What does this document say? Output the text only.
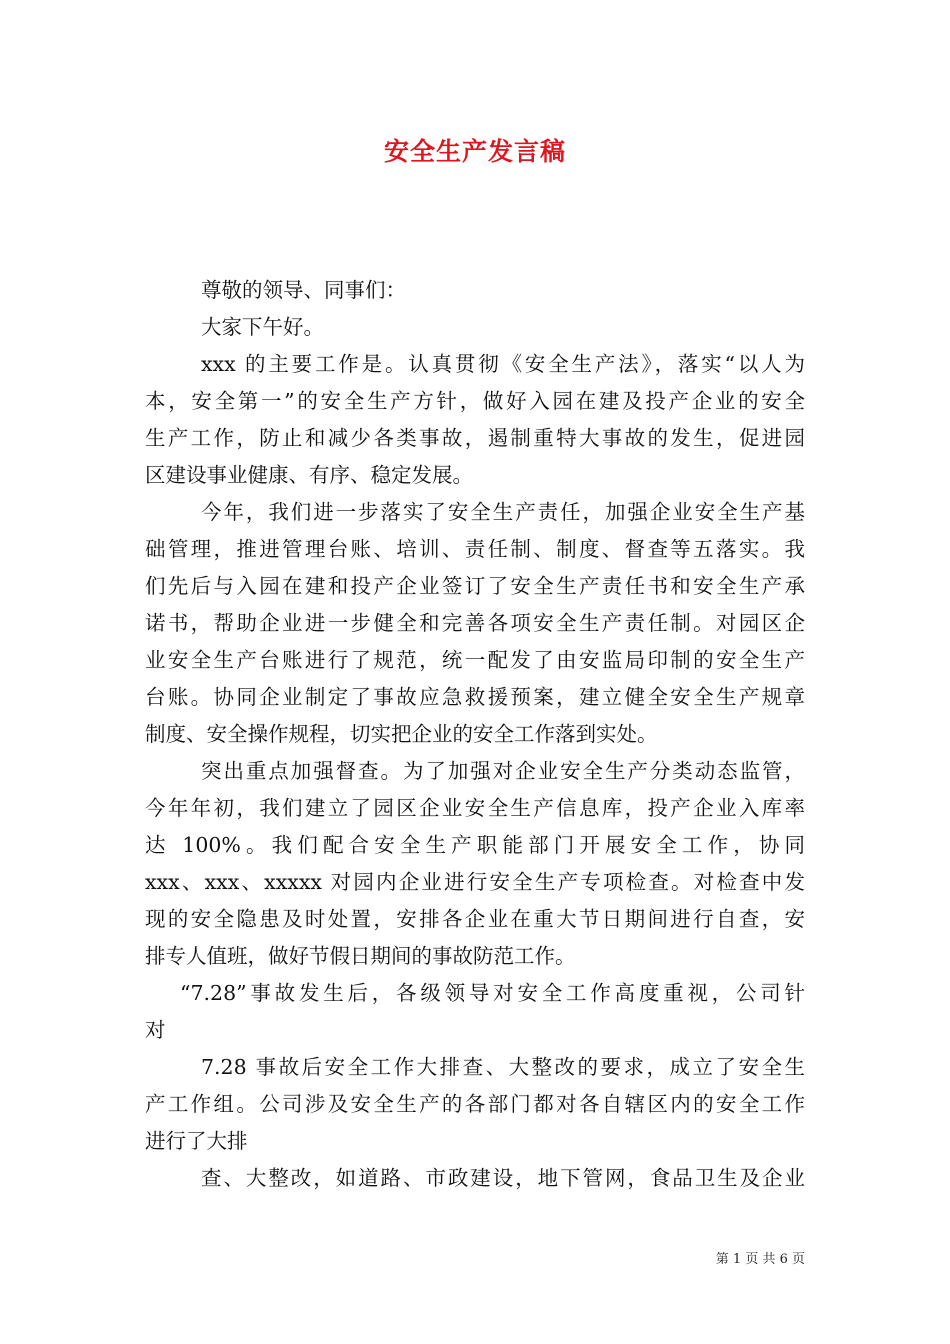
安全生产发言稿
尊敬的领导、同事们：
大家下午好。
xxx 的主要工作是。认真贯彻《安全生产法》，落实“以人为
本，安全第一”的安全生产方针，做好入园在建及投产企业的安全
生产工作，防止和减少各类事故，遏制重特大事故的发生，促进园
区建设事业健康、有序、稳定发展。
今年，我们进一步落实了安全生产责任，加强企业安全生产基
础管理，推进管理台账、培训、责任制、制度、督查等五落实。我
们先后与入园在建和投产企业签订了安全生产责任书和安全生产承
诺书，帮助企业进一步健全和完善各项安全生产责任制。对园区企
业安全生产台账进行了规范，统一配发了由安监局印制的安全生产
台账。协同企业制定了事故应急救援预案，建立健全安全生产规章
制度、安全操作规程，切实把企业的安全工作落到实处。
突出重点加强督查。为了加强对企业安全生产分类动态监管，
今年年初，我们建立了园区企业安全生产信息库，投产企业入库率
达 100%。我们配合安全生产职能部门开展安全工作，协同
xxx、xxx、xxxxx 对园内企业进行安全生产专项检查。对检查中发
现的安全隐患及时处置，安排各企业在重大节日期间进行自查，安
排专人值班，做好节假日期间的事故防范工作。
“7.28”事故发生后，各级领导对安全工作高度重视，公司针
对
7.28 事故后安全工作大排查、大整改的要求，成立了安全生
产工作组。公司涉及安全生产的各部门都对各自辖区内的安全工作
进行了大排
查、大整改，如道路、市政建设，地下管网，食品卫生及企业
第 1 页 共 6 页
